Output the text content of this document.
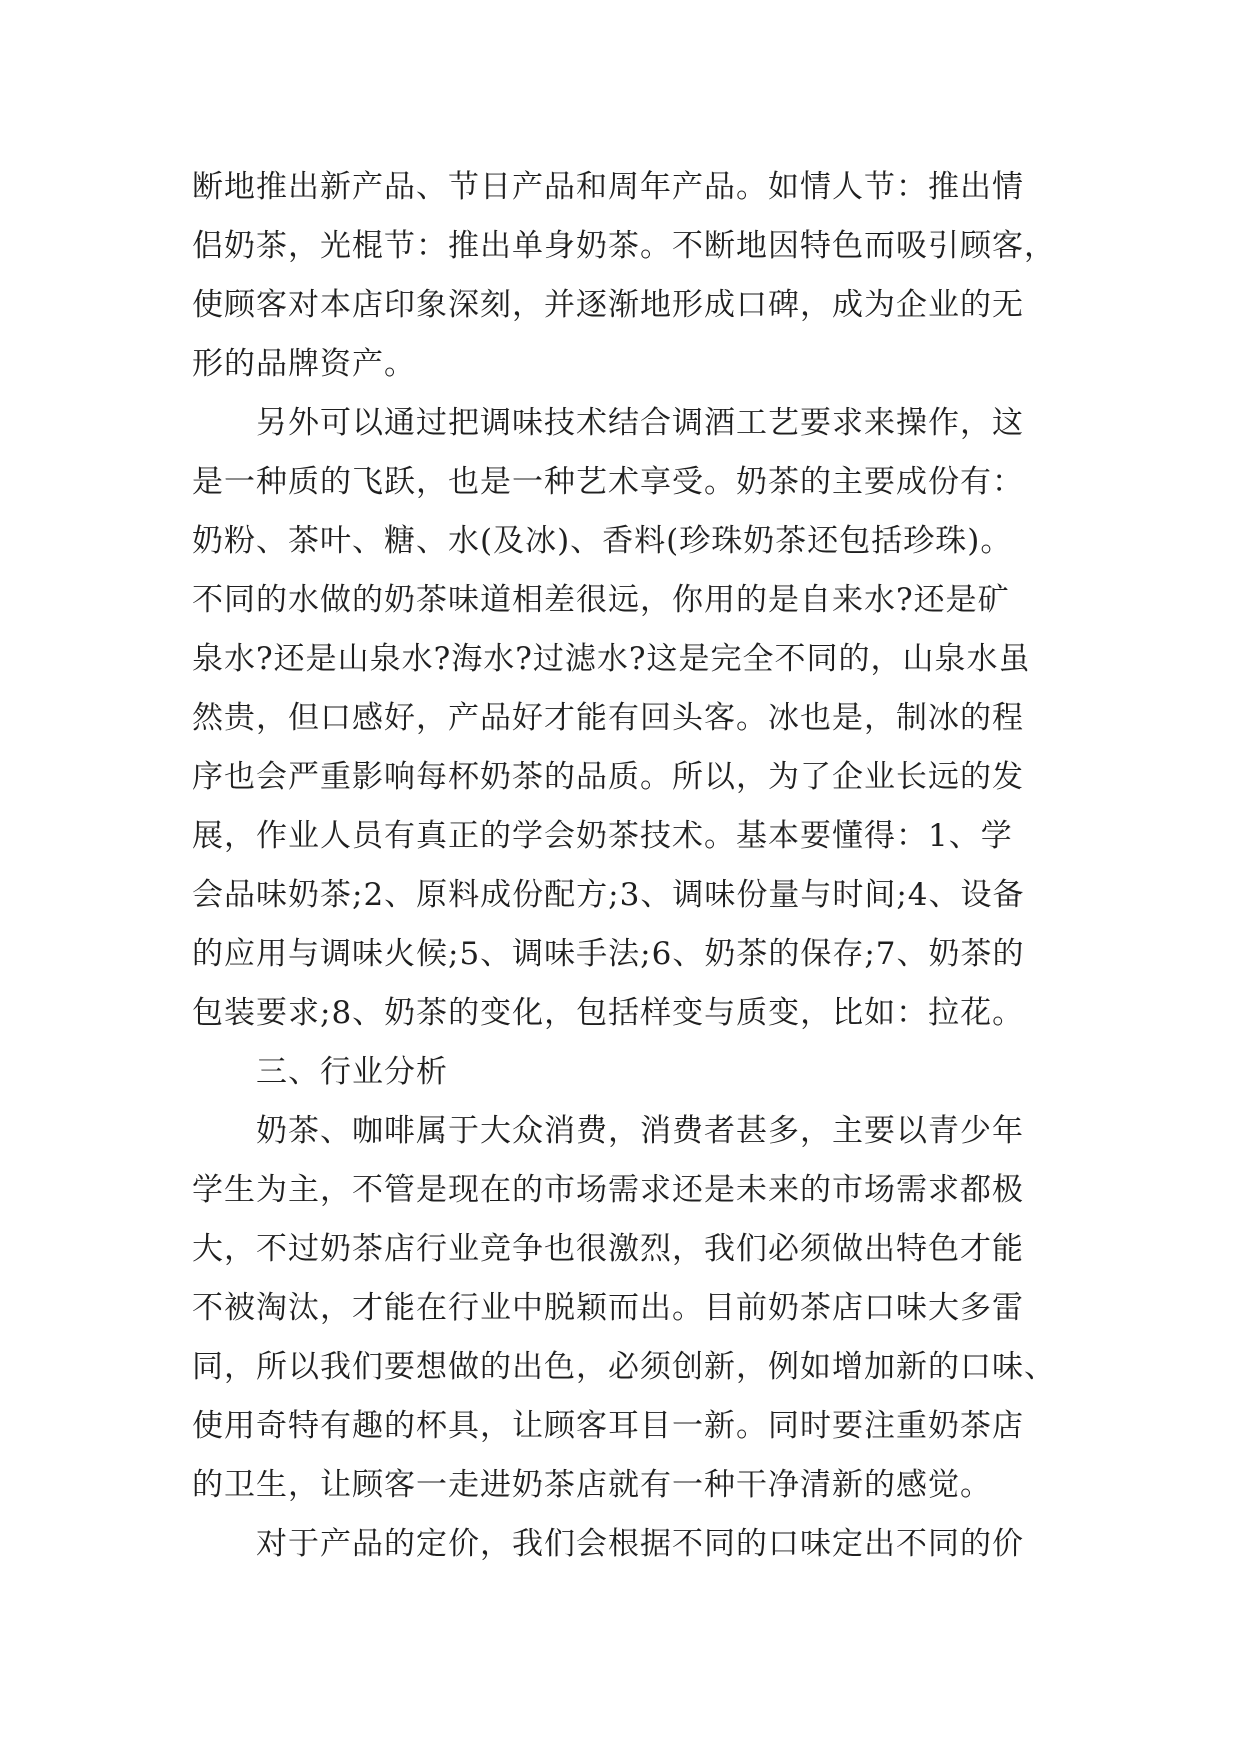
断地推出新产品、节日产品和周年产品。如情人节：推出情
侣奶茶，光棍节：推出单身奶茶。不断地因特色而吸引顾客，
使顾客对本店印象深刻，并逐渐地形成口碑，成为企业的无
形的品牌资产。
另外可以通过把调味技术结合调酒工艺要求来操作，这
是一种质的飞跃，也是一种艺术享受。奶茶的主要成份有：
奶粉、茶叶、糖、水(及冰)、香料(珍珠奶茶还包括珍珠)。
不同的水做的奶茶味道相差很远，你用的是自来水?还是矿
泉水?还是山泉水?海水?过滤水?这是完全不同的，山泉水虽
然贵，但口感好，产品好才能有回头客。冰也是，制冰的程
序也会严重影响每杯奶茶的品质。所以，为了企业长远的发
展，作业人员有真正的学会奶茶技术。基本要懂得：1、学
会品味奶茶;2、原料成份配方;3、调味份量与时间;4、设备
的应用与调味火候;5、调味手法;6、奶茶的保存;7、奶茶的
包装要求;8、奶茶的变化，包括样变与质变，比如：拉花。
三、行业分析
奶茶、咖啡属于大众消费，消费者甚多，主要以青少年
学生为主，不管是现在的市场需求还是未来的市场需求都极
大，不过奶茶店行业竞争也很激烈，我们必须做出特色才能
不被淘汰，才能在行业中脱颖而出。目前奶茶店口味大多雷
同，所以我们要想做的出色，必须创新，例如增加新的口味、
使用奇特有趣的杯具，让顾客耳目一新。同时要注重奶茶店
的卫生，让顾客一走进奶茶店就有一种干净清新的感觉。
对于产品的定价，我们会根据不同的口味定出不同的价
